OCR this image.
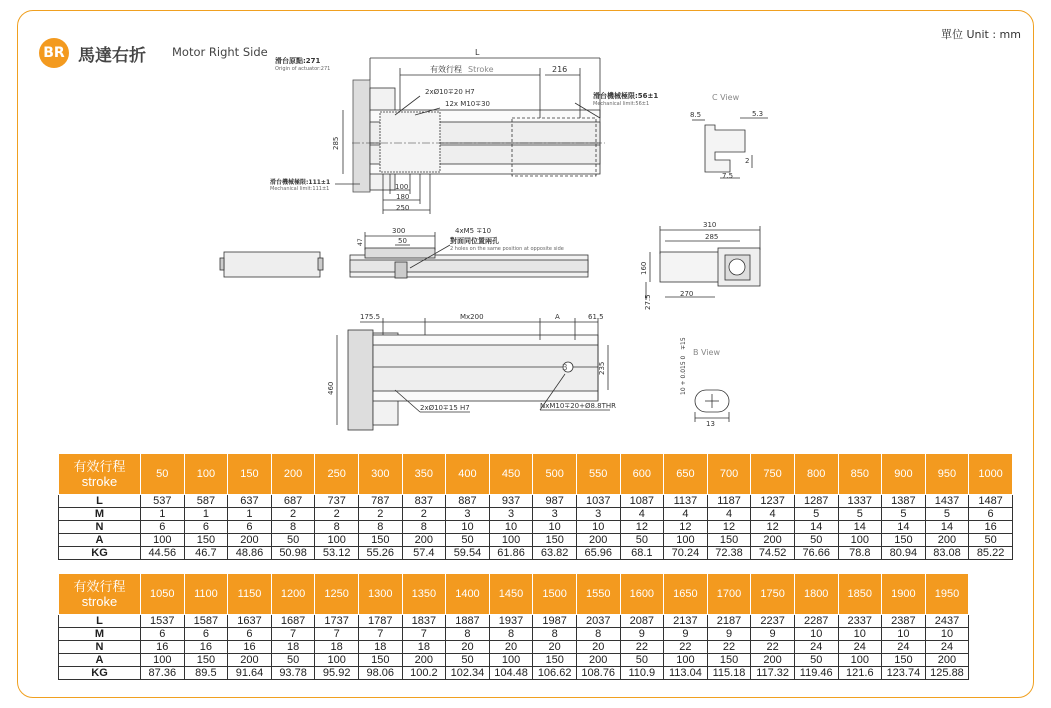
單位 Unit : mm
BR 馬達右折 Motor Right Side	L
有效行程 Stroke	216
滑台原點:271
Origin of actuator:271
滑台機械極限:56±1
Mechanical limit:56±1
2xØ10∓20 H7
12x M10∓30
285
滑台機械極限:111±1
Mechanical limit:111±1	100
180
250
C View
8.5	5.3
2
7.5
300
50
47
4xM5 ∓10
對面同位置兩孔
2 holes on the same position at opposite side
310
285
160
27.5
270
175.5	Mx200	A	61.5
460
235
2xØ10∓15 H7	NxM10∓20+Ø8.8THR
B
B View
10 + 0.015 0
∓15
13
有效行程
stroke	50	100	150	200	250	300	350	400	450	500	550	600	650	700	750	800	850	900	950	1000
L	537	587	637	687	737	787	837	887	937	987	1037	1087	1137	1187	1237	1287	1337	1387	1437	1487
M	1	1	1	2	2	2	2	3	3	3	3	4	4	4	4	5	5	5	5	6
N	6	6	6	8	8	8	8	10	10	10	10	12	12	12	12	14	14	14	14	16
A	100	150	200	50	100	150	200	50	100	150	200	50	100	150	200	50	100	150	200	50
KG	44.56	46.7	48.86	50.98	53.12	55.26	57.4	59.54	61.86	63.82	65.96	68.1	70.24	72.38	74.52	76.66	78.8	80.94	83.08	85.22
有效行程
stroke	1050	1100	1150	1200	1250	1300	1350	1400	1450	1500	1550	1600	1650	1700	1750	1800	1850	1900	1950
L	1537	1587	1637	1687	1737	1787	1837	1887	1937	1987	2037	2087	2137	2187	2237	2287	2337	2387	2437
M	6	6	6	7	7	7	7	8	8	8	8	9	9	9	9	10	10	10	10
N	16	16	16	18	18	18	18	20	20	20	20	22	22	22	22	24	24	24	24
A	100	150	200	50	100	150	200	50	100	150	200	50	100	150	200	50	100	150	200
KG	87.36	89.5	91.64	93.78	95.92	98.06	100.2	102.34	104.48	106.62	108.76	110.9	113.04	115.18	117.32	119.46	121.6	123.74	125.88
